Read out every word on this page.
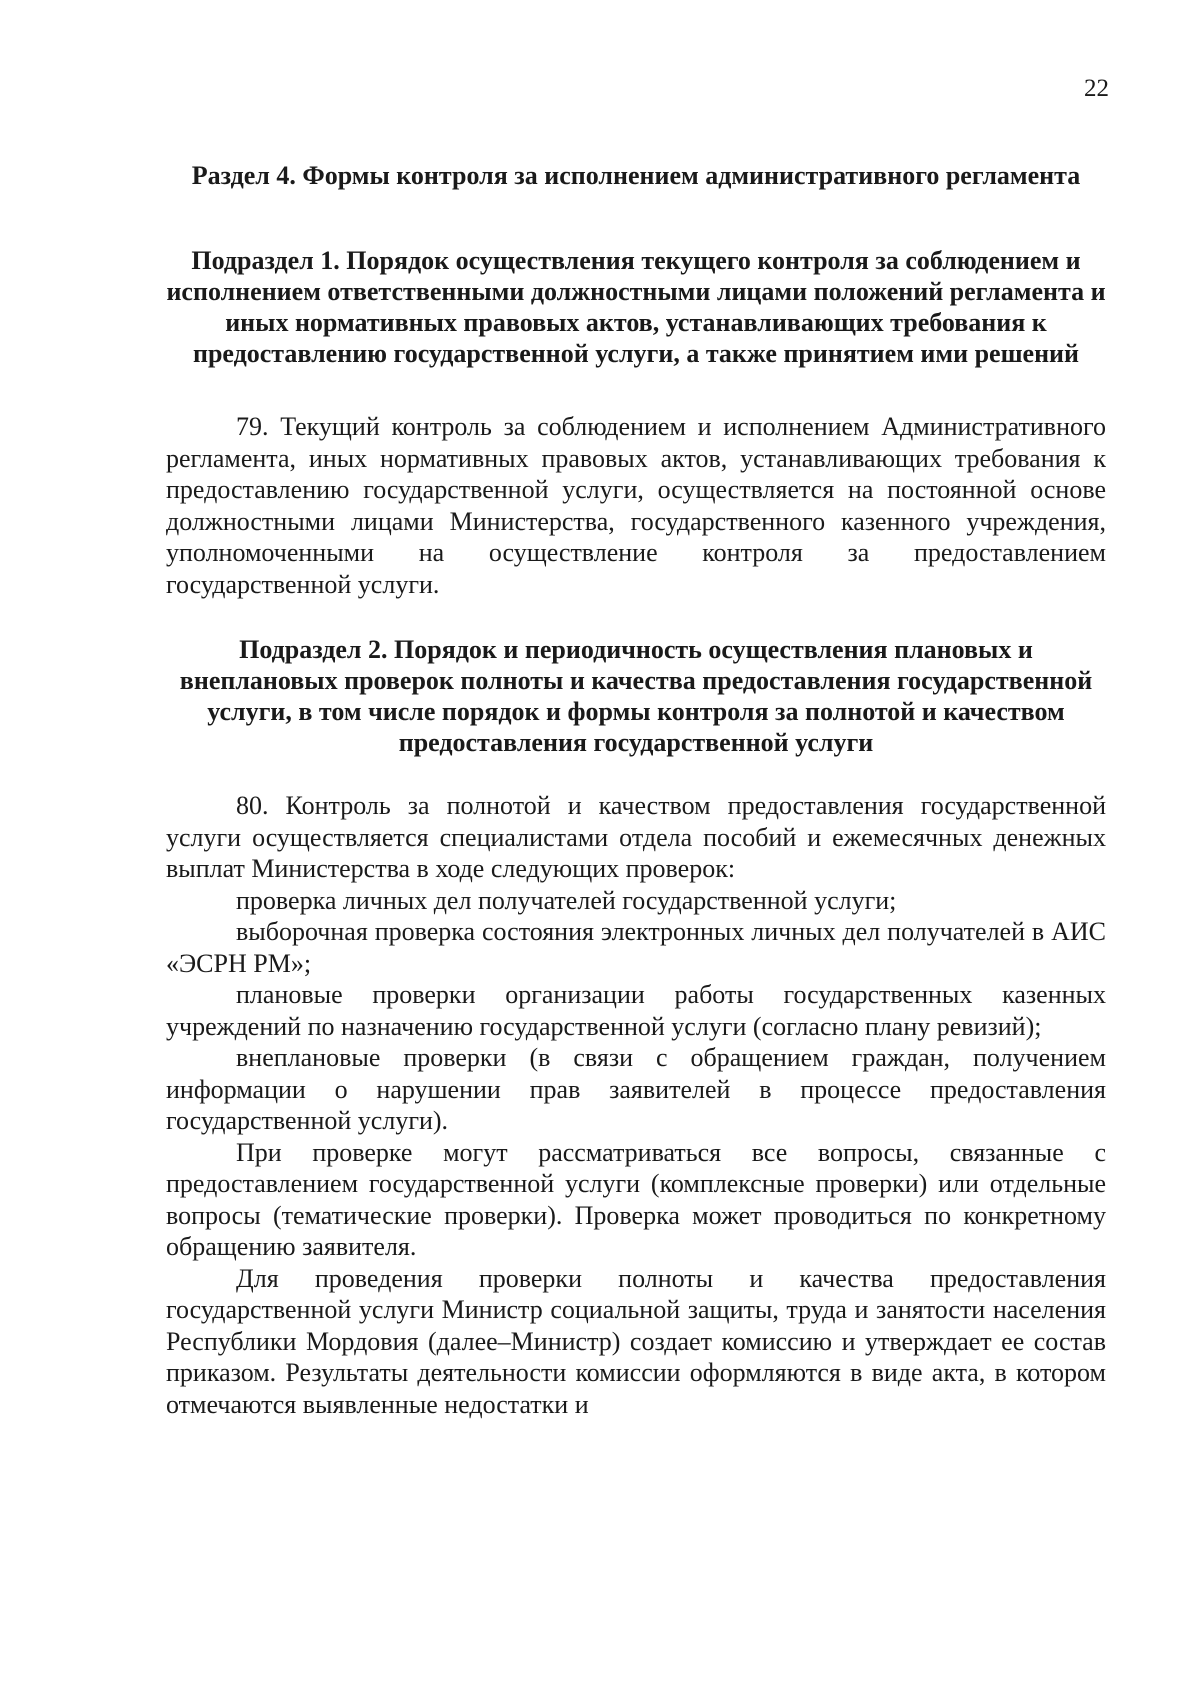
22
Раздел 4. Формы контроля за исполнением административного регламента
Подраздел 1. Порядок осуществления текущего контроля за соблюдением и исполнением ответственными должностными лицами положений регламента и иных нормативных правовых актов, устанавливающих требования к предоставлению государственной услуги, а также принятием ими решений

79. Текущий контроль за соблюдением и исполнением Административного регламента, иных нормативных правовых актов, устанавливающих требования к предоставлению государственной услуги, осуществляется на постоянной основе должностными лицами Министерства, государственного казенного учреждения, уполномоченными на осуществление контроля за предоставлением государственной услуги.

Подраздел 2. Порядок и периодичность осуществления плановых и внеплановых проверок полноты и качества предоставления государственной услуги, в том числе порядок и формы контроля за полнотой и качеством предоставления государственной услуги

80. Контроль за полнотой и качеством предоставления государственной услуги осуществляется специалистами отдела пособий и ежемесячных денежных выплат Министерства в ходе следующих проверок:

проверка личных дел получателей государственной услуги;

выборочная проверка состояния электронных личных дел получателей в АИС «ЭСРН РМ»;

плановые проверки организации работы государственных казенных учреждений по назначению государственной услуги (согласно плану ревизий);

внеплановые проверки (в связи с обращением граждан, получением информации о нарушении прав заявителей в процессе предоставления государственной услуги).

При проверке могут рассматриваться все вопросы, связанные с предоставлением государственной услуги (комплексные проверки) или отдельные вопросы (тематические проверки). Проверка может проводиться по конкретному обращению заявителя.

Для проведения проверки полноты и качества предоставления государственной услуги Министр социальной защиты, труда и занятости населения Республики Мордовия (далее–Министр) создает комиссию и утверждает ее состав приказом. Результаты деятельности комиссии оформляются в виде акта, в котором отмечаются выявленные недостатки и
